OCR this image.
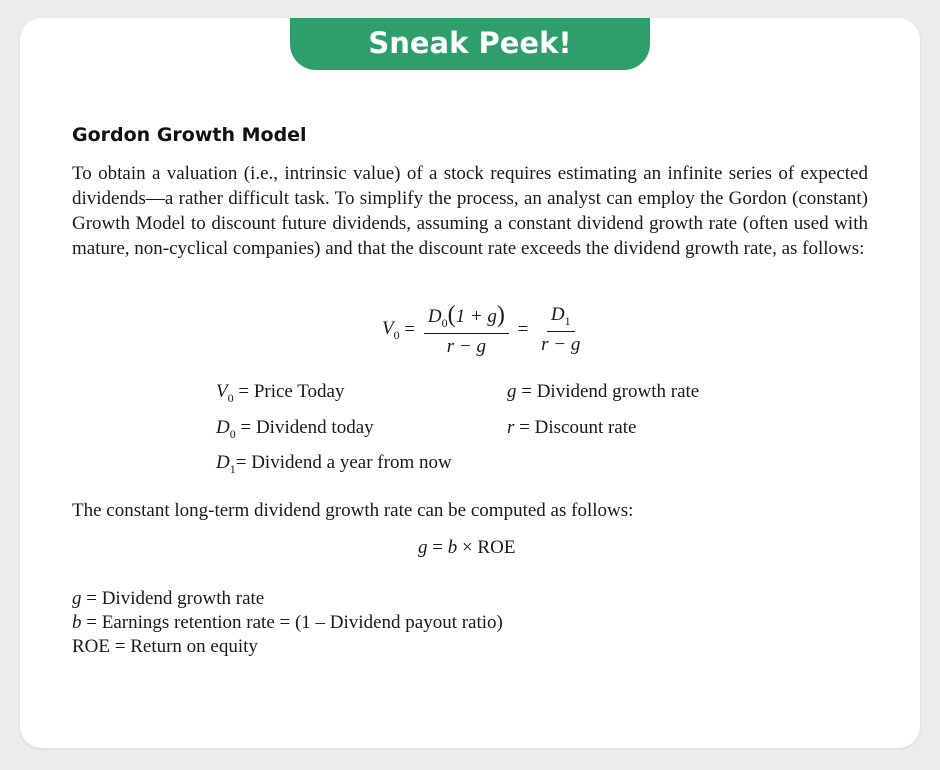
Sneak Peek!
Gordon Growth Model

To obtain a valuation (i.e., intrinsic value) of a stock requires estimating an infinite series of expected dividends—a rather difficult task. To simplify the process, an analyst can employ the Gordon (constant) Growth Model to discount future dividends, assuming a constant dividend growth rate (often used with mature, non-cyclical companies) and that the discount rate exceeds the dividend growth rate, as follows:

$V_0 = \frac{D_0(1 + g)}{r - g} = \frac{D_1}{r - g}$
$V_0$ = Price Today	g = Dividend growth rate
$D_0$ = Dividend today	r = Discount rate
$D_1=$ Dividend a year from now
The constant long-term dividend growth rate can be computed as follows:
g = b × ROE
g = Dividend growth rate
b = Earnings retention rate = (1 – Dividend payout ratio)
ROE = Return on equity
